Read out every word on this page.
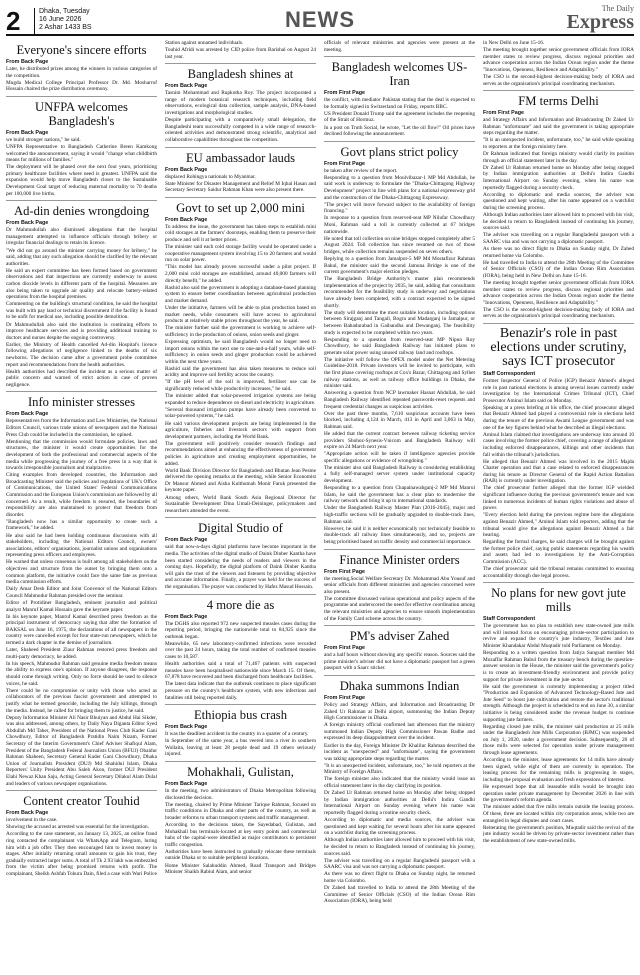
2	Dhaka, Tuesday
16 June 2026
2 Ashar 1433 BS	NEWS	The Daily
Express
Everyone's sincere efforts
From Back Page

Later, he distributed prizes among the winners in various categories of the competition.

Mugda Medical College Principal Professor Dr. Md. Mosharrof Hossain chaired the prize distribution ceremony.

UNFPA welcomes Bangladesh's
From Back Page

we build stronger nations," he said.

UNFPA Representative to Bangladesh Catherine Breen Kamkong welcomed the announcement, saying it would "change what childbirth means for millions of families."

The deployment will be phased over the next four years, prioritising primary healthcare facilities where need is greatest. UNFPA said the expansion would help move Bangladesh closer to the Sustainable Development Goal target of reducing maternal mortality to 70 deaths per 100,000 live births.

Ad-din denies wrongdoing
From Back Page

Dr Mahmudullah also dismissed allegations that the hospital management attempted to influence officials through bribery or irregular financial dealings to retain its licence.

"We did not go around the minister carrying money for bribery," he said, adding that any such allegation should be clarified by the relevant authorities.

He said an expert committee has been formed based on government observations and that inspections are currently underway to assess carbon dioxide levels in different parts of the hospital. Measures are also being taken to upgrade air quality and relocate battery-related operations from the hospital premises.

Commenting on the building's structural condition, he said the hospital was built with pay land or technical discernment if the facility is found to be unfit for medical use, including possible demolition.

Dr Mahmudullah also said the institution is continuing efforts to improve healthcare services and is providing additional training to doctors and nurses despite the ongoing controversy.

Earlier, the Ministry of Health cancelled Ad-din Hospital's licence following allegations of negligence linked to the deaths of six newborns. The decision came after a government probe committee report and recommendations from the health authorities.

Health authorities had described the incident as a serious matter of public concern and warned of strict action in case of proven negligence.

Info minister stresses
From Back Page

Representatives from the Information and Law Ministries, the National Editors Council, various trade unions of newspapers and the National Press Club could be included in the commission, he opined.

Mentioning that the commission would formulate policies, laws and structures, the minister it would create opportunities for the development of both the professional and commercial aspects of the media while progressing the journey of a free press in a way that is towards irresponsible journalism and malpractice.

Citing examples from developed countries, the Information and Broadcasting Minister said the policies and regulations of UK's Office of Communications, the United States' Federal Communications Commission and the European Union's commission are followed by all concerned. As a result, while freedom is ensured, the boundaries of responsibility are also maintained to protect that freedom from disorder.

"Bangladesh now has a similar opportunity to create such a framework," he added.

He also said he had been holding continuous discussions with all stakeholders, including the National Editors Council, owners' associations, editors' organisations, journalist unions and organisations representing press officers and employees.

He warned that unless consensus is built among all stakeholders on the objectives and structure from the outset by bringing them onto a common platform, the initiative could face the same fate as previous media commission efforts.

Daily Amar Desh Editor and Joint Convenor of the National Editors Council Mahmudur Rahman presided over the seminar.

Editor of Protidiner Bangladesh, eminent journalist and political analyst Manruf Kamal Hossain gave the keynote paper.

In his keynote paper, Manruf Kamal described press freedom as the principal instrument of democracy saying that after the formation of BAKSAL on June 16, 1975, the declarations of all newspapers in the country were cancelled except for four state-run newspapers, which he termed a dark chapter in the demise of journalism.

Later, Shaheed President Ziaur Rahman restored press freedom and multi-party democracy, he added.

In his speech, Mahmudur Rahman said genuine media freedom means the ability to express one's opinion. If anyone disagrees, the response should come through writing. Only no force should be used to silence voices, he said.

There could be no compromise or unity with those who acted as collaborators of the previous fascist government and attempted to justify what he termed genocide, including the July killings, through the media. Instead, he called for bringing them to justice, he said.

Deputy Information Minister Ali Nasir Bhuiyan and Abdul Hai Sikder, was also addressed, among others, by Daily Naya Diganta Editor Syed Abdullah Md Taher, President of the National Press Club Kader Gani Chowdhury, Editor of Bangladesh Pratidin Naim Nizam, Former Secretary of the Interim Government's Chief Adviser Shafiqul Alam, President of the Bangladesh Federal Journalists Union (BFUJ) Obaidur Rahman Shaheen, Secretary General Kader Gani Chowdhury, Dhaka Union of Journalists President (DUJ) Md Shahidul Islam, Dhaka Reporters' Unity President Abu Saleh Akon, former DUJ President Elahi Newaz Khan Saju, Acting General Secretary Dilakul Alam Dulal and leaders of various newspaper organisations.

Content creator Touhid
From Back Page

involvement in the case.

Showing the accused as arrested was essential for the investigation.

According to the case statement, on January 13, 2025, an online fraud ring contacted the complainant via WhatsApp and Telegram, luring him with a job offer. They then encouraged him to invest money in stages. After initially returning small amounts to gain his trust, they gradually extracted larger sums. A total of Tk 2.93 lakh was embezzled from the victim after being promised returns with profit. The complainant, Sheikh Ashfah Tohura Dain, filed a case with Wari Police

Station against unnamed individuals.

Touhid Afridi was arrested by CID police from Barishal on August 24 last year.

Bangladesh shines at
From Back Page

Tasnim Mohammad and Rupkotha Roy. The project incorporated a range of modern botanical research techniques, including field observations, ecological data collection, sample analysis, DNA-based investigations and morphological studies.

Despite participating with a comparatively small delegation, the Bangladeshi team successfully competed in a wide range of research-oriented activities and demonstrated strong scientific, analytical and collaborative capabilities throughout the competition.

EU ambassador lauds
From Back Page

displaced Rohingya nationals to Myanmar.

State Minister for Disaster Management and Relief M Iqbal Hasan and Secretary Secretary Saidur Rahman Khan were also present there.

Govt to set up 2,000 mini
From Back Page

To address the issue, the government has taken steps to establish mini cold storages at the farmers' doorsteps, enabling them to preserve their produce and sell it at better prices.

The minister said each cold storage facility would be operated under a cooperative management system involving 15 to 20 farmers and would run on solar power.

"This model has already proven successful under a pilot project. If 2,000 mini cold storages are established, around 40,000 farmers will directly benefit," he added.

Rashid also said the government is adopting a database-based planning system to ensure better coordination between agricultural production and market demand.

Under the initiative, farmers will be able to plan production based on market needs, while consumers will have access to agricultural products at relatively stable prices throughout the year, he said.

The minister further said the government is working to achieve self-sufficiency in the production of onions, onion seeds and ginger.

Expressing optimism, he said Bangladesh would no longer need to import onions within the next one to one-and-a-half years, while self-sufficiency in onion seeds and ginger production could be achieved within the next three years.

Rashid said the government has also taken measures to reduce soil acidity and improve soil fertility across the country.

"If the pH level of the soil is improved, fertiliser use can be significantly reduced while productivity increases," he said.

The minister added that solar-powered irrigation systems are being expanded to reduce dependence on diesel and electricity in agriculture.

"Several thousand irrigation pumps have already been converted to solar-powered systems," he said.

He said various development projects are being implemented in the agriculture, fisheries and livestock sectors with support from development partners, including the World Bank.

The government will positively consider research findings and recommendations aimed at enhancing the effectiveness of government policies in agriculture and creating employment opportunities, he added.

World Bank Division Director for Bangladesh and Bhutan Jean Pesme delivered the opening remarks at the meeting, while Senior Economist Dr Mansur Ahmed and Aisha Kulthumah Monir Faruk presented the keynote paper.

Among others, World Bank South Asia Regional Director for Sustainable Development Dina Umali-Deininger, policymakers and researchers attended the event.

Digital Studio of
From Back Page

said that now-a-days digital platforms have become important in the media. The activities of the digital studio of Daink Dinber Kantha have been started considering the needs of readers and viewers in the coming days. Hopefully, the digital platform of Daink Dinber Kantha will gain the trust of the viewers and listeners by providing objective and accurate information. Finally, a prayer was held for the success of the organisation. The prayer was conducted by Hafez Masud Hossain.

4 more die as
From Back Page

The DGHS also reported 972 new suspected measles cases during the reporting period, bringing the nationwide total to 84,925 since the outbreak began.

Meanwhile, 65 new laboratory-confirmed infections were recorded over the past 24 hours, taking the total number of confirmed measles cases to 10,587.

Health authorities said a total of 71,467 patients with suspected measles have been hospitalised nationwide since March 15. Of them, 67,878 have recovered and been discharged from healthcare facilities.

The latest data indicate that the outbreak continues to place significant pressure on the country's healthcare system, with new infections and fatalities still being reported daily.

Ethiopia bus crash
From Back Page

It was the deadliest accident in the country in a quarter of a century.

In September of the same year, a bus veered into a river in southern Wollaita, leaving at least 28 people dead and 19 others seriously injured.

Mohakhali, Gulistan,
From Back Page

In the meeting, two administrators of Dhaka Metropolitan following disclosed the decision.

The meeting, chaired by Prime Minister Tarique Rahman, focused on traffic conditions in Dhaka and other parts of the country, as well as broader reforms to urban transport systems and traffic management.

According to the decisions taken, the Sayedabad, Gulistan, and Mohakhali bus terminals-located at key entry points and commercial hubs of the capital-were identified as major contributors to persistent traffic congestion.

Authorities have been instructed to gradually relocate these terminals outside Dhaka or to suitable peripheral locations.

Home Minister Salahuddin Ahmed, Road Transport and Bridges Minister Shaikh Rabiul Alam, and senior

officials of relevant ministries and agencies were present at the meeting.

Bangladesh welcomes US-Iran
From First Page

the conflict, with mediator Pakistan stating that the deal is expected to be formally signed in Switzerland on Friday, reports BBC.

US President Donald Trump said the agreement includes the reopening of the Strait of Hormuz.

In a post on Truth Social, he wrote, "Let the oil flow!" Oil prices have declined following the announcement.

Govt plans strict policy
From First Page

be taken after review of the report.

Responding to a question from Moulvibazar-1 MP Md Abdullah, he said work is underway to formulate the "Dhaka-Chittagong Highway Development" project in line with plans for a national expressway grid and the construction of the Dhaka-Chittagong Expressway.

"The project will move forward subject to the availability of foreign financing."

In response to a question from reserved-seat MP Nilufar Chowdhury Moni, Rahman said a toll is currently collected at 67 bridges nationwide.

He noted that toll collection on nine bridges stopped completely after 5 August 2024. Toll collection has since resumed on two of those bridges, while collection remains suspended on seven others.

Replying to a question from Jamalpur-5 MP Md Mostafizur Rahman Bakul, the minister said the second Jamuna Bridge is one of the current government's major election pledges.

The Bangladesh Bridge Authority's master plan recommends implementation of the project by 2035, he said, adding that consultants recommended for the feasibility study is underway and negotiations have already been completed, with a contract expected to be signed shortly.

The study will determine the most suitable location, including options between Sirajganj and Tangail, Bogra and Madarganj in Jamalpur, or between Bahadurabad in Gaibandha and Dewanganj. The feasibility study is expected to be completed within two years.

Responding to a question from reserved-seat MP Nipun Roy Chowdhury, he said Bangladesh Railway has initiated plans to generate solar power using unused railway land and rooftops.

The initiative will follow the OPEX model under the Net Metering Guideline-2018. Private investors will be invited to participate, with the first phase covering rooftops at Cox's Bazar, Chittagong and Sylhet railway stations, as well as railway office buildings in Dhaka, the minister said.

Answering a question from NCP lawmaker Hasnat Abdullah, he said Bangladesh Railway identified repeated passwords-reset requests and frequent credential changes as suspicious activities.

Over the past three months, 7,610 suspicious accounts have been blocked, including 4,124 in March, 413 in April and 3,063 in May, Rahman said.

He added that the current contract between railway ticketing service providers Shohoz-Synesis-Vnicom and Bangladesh Railway will expire on 24 March next year.

"Appropriate action will be taken if intelligence agencies provide specific allegations or evidence of wrongdoing."

The minister also said Bangladesh Railway is considering establishing a fully self-managed server system under institutional capacity development.

Responding to a question from Chapainawabganj-2 MP Md Manrul Islam, he said the government has a clear plan to modernise the railway network and bring it up to international standards.

Under the Bangladesh Railway Master Plan (2016-2045), major and high-traffic sections will be gradually upgraded to double-track lines, Rahman said.

However, he said it is neither economically nor technically feasible to double-track all railway lines simultaneously, and so, projects are being prioritised based on traffic density and commercial importance.

Finance Minister orders
From First Page

the meeting,Social Welfare Secretary Dr. Mohammad Abu Yousuf and senior officials from different ministries and agencies concerned were also present.

The committee discussed various operational and policy aspects of the programme and underscored the need for effective coordination among the relevant ministries and agencies to ensure smooth implementation of the Family Card scheme across the country.

PM's adviser Zahed
From First Page

and a half hours without showing any specific reason. Sources said the prime minister's adviser did not have a diplomatic passport but a green passport with a Saarc sticker.

Dhaka summons Indian
From First Page

Policy and Strategy Affairs, and Information and Broadcasting Dr Zahed Ur Rahman at Delhi airport, summoning the Indian Deputy High Commissioner in Dhaka.

A foreign ministry official confirmed last afternoon that the ministry summoned Indian Deputy High Commissioner Pawan Badhe and expressed its deep disappointment over the incident.

Earlier in the day, Foreign Minister Dr Khalilur Rahman described the incident as "unexpected" and "unfortunate", saying the government was taking appropriate steps regarding the matter.

"It is an unexpected incident, unfortunate, too," he told reporters at the Ministry of Foreign Affairs.

The foreign minister also indicated that the ministry would issue an official statement later in the day clarifying its position.

Dr Zahed Ur Rahman returned home on Monday after being stopped by Indian immigration authorities at Delhi's Indira Gandhi International Airport on Sunday evening where his name was reportedly flagged during a routine security check.

According to diplomatic and media sources, the adviser was questioned and kept waiting for several hours after his name appeared on a watchlist during the screening process.

Although Indian authorities later allowed him to proceed with his visit, he decided to return to Bangladesh instead of continuing his journey, sources said.

The adviser was travelling on a regular Bangladeshi passport with a SAARC visa and was not carrying a diplomatic passport.

As there was no direct flight to Dhaka on Sunday night, he returned home via Colombo.

Dr Zahed had travelled to India to attend the 28th Meeting of the Committee of Senior Officials (CSO) of the Indian Ocean Rim Association (IORA), being held

in New Delhi on June 15-16.

The meeting brought together senior government officials from IORA member states to review progress, discuss regional priorities and advance cooperation across the Indian Ocean region under the theme "Innovations, Openness, Resilience and Adaptability."

The CSO is the second-highest decision-making body of IORA and serves as the organisation's principal coordinating mechanism.

FM terms Delhi
From First Page

and Strategy Affairs and Information and Broadcasting Dr Zahed Ur Rahman "unfortunate" and said the government is taking appropriate steps regarding the matter.

"It is an unexpected incident, unfortunate, too," he said while speaking to reporters at the foreign ministry here.

Dr Rahman indicated that foreign ministry would clarify its position through an official statement later in the day.

Dr Zahed Ur Rahman returned home on Monday after being stopped by Indian immigration authorities at Delhi's Indira Gandhi International Airport on Sunday evening, when his name was reportedly flagged during a security check.

According to diplomatic and media sources, the adviser was questioned and kept waiting, after his name appeared on a watchlist during the screening process.

Although Indian authorities later allowed him to proceed with his visit, he decided to return to Bangladesh instead of continuing his journey, sources said.

The adviser was travelling on a regular Bangladeshi passport with a SAARC visa and was not carrying a diplomatic passport.

As there was no direct flight to Dhaka on Sunday night, Dr Zahed returned home via Colombo.

He had travelled to India to attend the 28th Meeting of the Committee of Senior Officials (CSO) of the Indian Ocean Rim Association (IORA), being held in New Delhi on June 15-16.

The meeting brought together senior government officials from IORA member states to review progress, discuss regional priorities and advance cooperation across the Indian Ocean region under the theme "Innovations, Openness, Resilience and Adaptability."

The CSO is the second-highest decision-making body of IORA and serves as the organisation's principal coordinating mechanism.

Benazir's role in past elections under scrutiny, says ICT prosecutor
Staff Correspondent

Former Inspector General of Police (IGP) Benazir Ahmed's alleged role in past national elections is among several issues currently under investigation by the International Crimes Tribunal (ICT), Chief Prosecutor Aminul Islam said on Monday.

Speaking at a press briefing at his office, the chief prosecutor alleged that Benazir Ahmed had played a controversial role in elections held during the tenure of the previous Awami League government and was one of the key figures behind what he described as illegal elections.

Aminul Islam claimed that investigations are underway into around 10 cases involving the former police chief, covering a range of allegations including enforced disappearances, killings and other incidents that fall within the tribunal's jurisdiction.

He alleged that Benazir Ahmed was involved in the 2015 Majda Charter operation and that a case related to enforced disappearances during his tenure as Director General of the Rapid Action Battalion (RAB) is currently under investigation.

The chief prosecutor further alleged that the former IGP wielded significant influence during the previous government's tenure and was linked to numerous incidents of human rights violations and abuse of power.

"Every election held during the previous regime bore the allegations against Benazir Ahmed," Aminul Islam told reporters, adding that the tribunal would give the allegations against Benazir Ahmed a fair hearing.

Regarding the formal charges, he said charges will be brought against the former police chief, saying public statements regarding his wealth and assets had led to investigations by the Anti-Corruption Commission (ACC).

The chief prosecutor said the tribunal remains committed to ensuring accountability through due legal process.

No plans for new govt jute mills
Staff Correspondent

The government has no plan to establish new state-owned jute mills and will instead focus on encouraging private-sector participation to revive and expand the country's jute industry, Textiles and Jute Minister Khandakar Abdul Muqtadir told Parliament on Monday.

Responding to a written question from Jatiya Sangsad member Md Mozaffar Rahman Babul from the treasury bench during the question-answer session in the House, the minister said the government's policy is to create an investment-friendly environment and provide policy support for private investment in the jute sector.

He said the government is currently implementing a project titled "Production and Expansion of Advanced Technology-Based Jute and Jute Seed" to boost jute cultivation and restore the sector's traditional strength. Although the project is scheduled to end on June 30, a similar initiative is being considered under the revenue budget to continue supporting jute farmers.

Regarding closed jute mills, the minister said production at 25 mills under the Bangladesh Jute Mills Corporation (BJMC) was suspended on July 1, 2020, under a government decision. Subsequently, 20 of those mills were selected for operation under private management through lease agreements.

According to the minister, lease agreements for 14 mills have already been signed, while eight of them are currently in operation. The leasing process for the remaining mills is progressing in stages, including the proposal evaluation and fresh expressions of interest.

He expressed hope that all leaseable mills would be brought into operation under private management by December 2026 in line with the government's reform agenda.

The minister added that five mills remain outside the leasing process. Of these, three are located within city corporation areas, while two are entangled in legal disputes and court cases.

Reiterating the government's position, Muqtadir said the revival of the jute industry would be driven by private-sector investment rather than the establishment of new state-owned mills.
